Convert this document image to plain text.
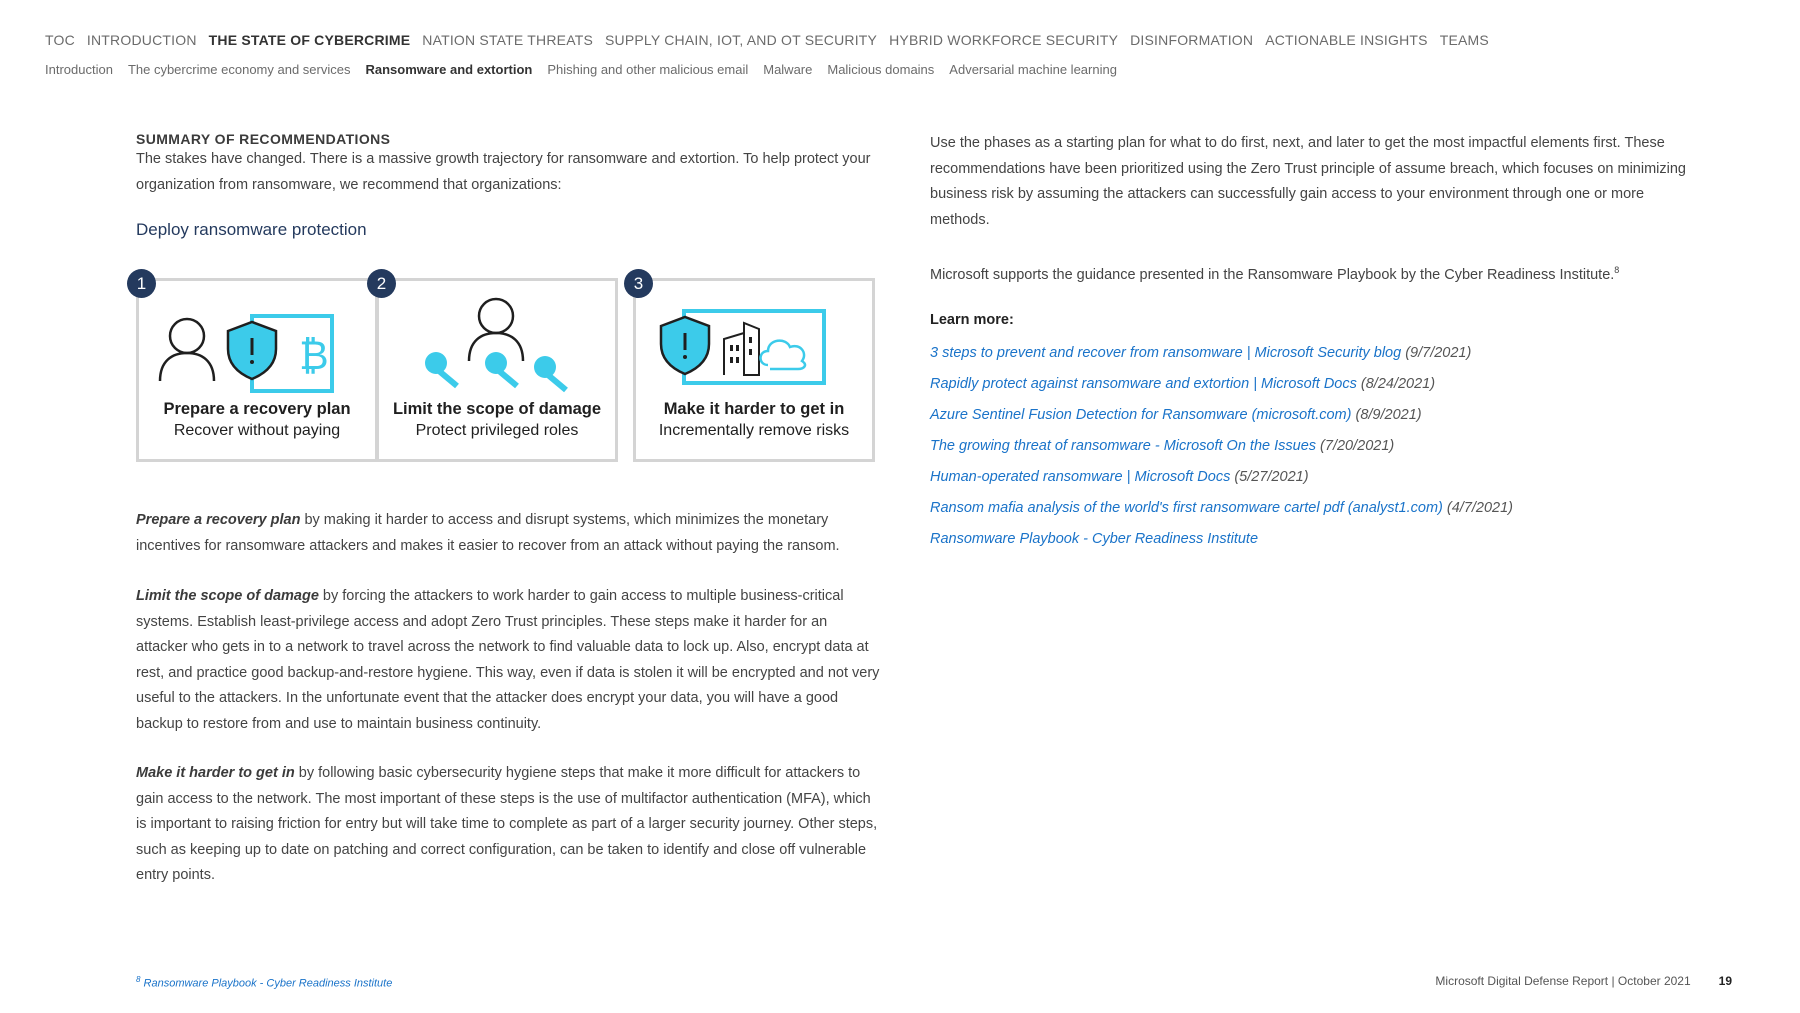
TOC INTRODUCTION THE STATE OF CYBERCRIME NATION STATE THREATS SUPPLY CHAIN, IOT, AND OT SECURITY HYBRID WORKFORCE SECURITY DISINFORMATION ACTIONABLE INSIGHTS TEAMS
Introduction The cybercrime economy and services Ransomware and extortion Phishing and other malicious email Malware Malicious domains Adversarial machine learning

SUMMARY OF RECOMMENDATIONS

The stakes have changed. There is a massive growth trajectory for ransomware and extortion. To help protect your organization from ransomware, we recommend that organizations:

Deploy ransomware protection
₿
1
Prepare a recovery plan
Recover without paying
2
Limit the scope of damage
Protect privileged roles
3
Make it harder to get in
Incrementally remove risks

Prepare a recovery plan by making it harder to access and disrupt systems, which minimizes the monetary incentives for ransomware attackers and makes it easier to recover from an attack without paying the ransom.

Limit the scope of damage by forcing the attackers to work harder to gain access to multiple business-critical systems. Establish least-privilege access and adopt Zero Trust principles. These steps make it harder for an attacker who gets in to a network to travel across the network to find valuable data to lock up. Also, encrypt data at rest, and practice good backup-and-restore hygiene. This way, even if data is stolen it will be encrypted and not very useful to the attackers. In the unfortunate event that the attacker does encrypt your data, you will have a good backup to restore from and use to maintain business continuity.

Make it harder to get in by following basic cybersecurity hygiene steps that make it more difficult for attackers to gain access to the network. The most important of these steps is the use of multifactor authentication (MFA), which is important to raising friction for entry but will take time to complete as part of a larger security journey. Other steps, such as keeping up to date on patching and correct configuration, can be taken to identify and close off vulnerable entry points.

Use the phases as a starting plan for what to do first, next, and later to get the most impactful elements first. These recommendations have been prioritized using the Zero Trust principle of assume breach, which focuses on minimizing business risk by assuming the attackers can successfully gain access to your environment through one or more methods.

Microsoft supports the guidance presented in the Ransomware Playbook by the Cyber Readiness Institute.$^8$

Learn more:

3 steps to prevent and recover from ransomware | Microsoft Security blog (9/7/2021)
Rapidly protect against ransomware and extortion | Microsoft Docs (8/24/2021)
Azure Sentinel Fusion Detection for Ransomware (microsoft.com) (8/9/2021)
The growing threat of ransomware - Microsoft On the Issues (7/20/2021)
Human-operated ransomware | Microsoft Docs (5/27/2021)
Ransom mafia analysis of the world's first ransomware cartel pdf (analyst1.com) (4/7/2021)
Ransomware Playbook - Cyber Readiness Institute
$^8$ Ransomware Playbook - Cyber Readiness Institute	Microsoft Digital Defense Report | October 2021 19
